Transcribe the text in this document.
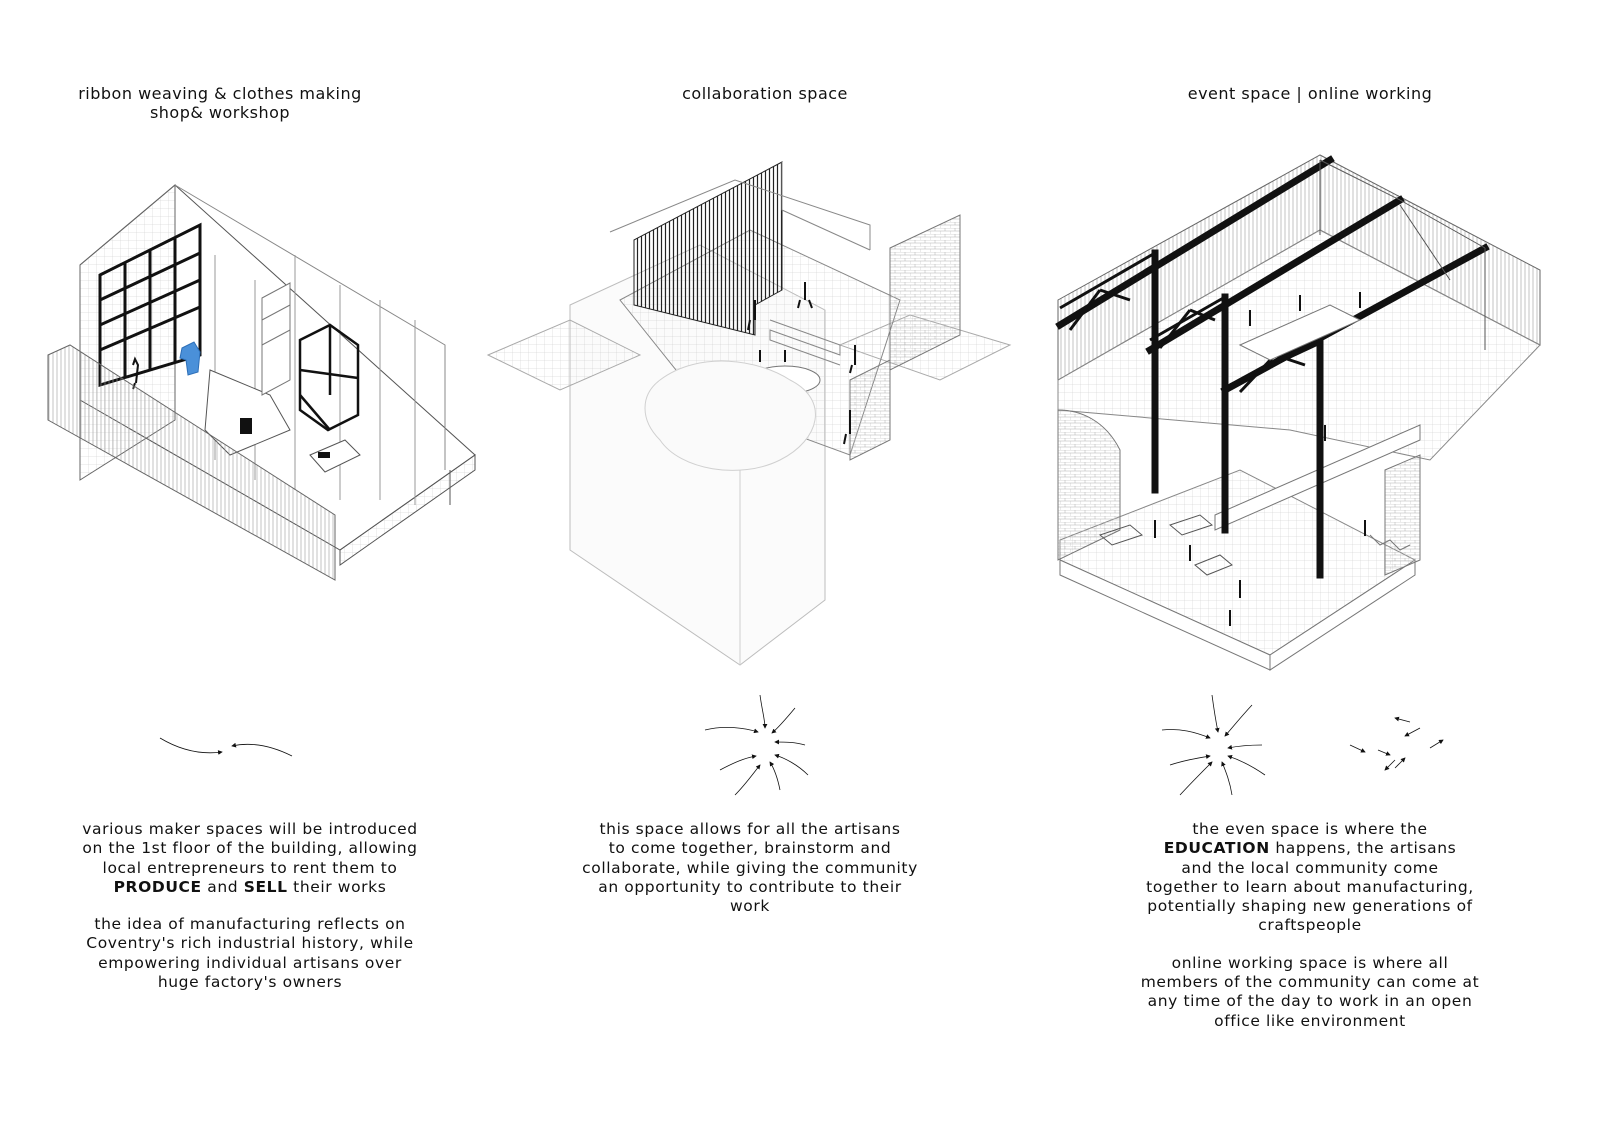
ribbon weaving & clothes making
shop& workshop
collaboration space	event space | online working
various maker spaces will be introduced
on the 1st floor of the building, allowing
local entrepreneurs to rent them to
PRODUCE and SELL their works
the idea of manufacturing reflects on
Coventry's rich industrial history, while
empowering individual artisans over
huge factory's owners
this space allows for all the artisans
to come together, brainstorm and
collaborate, while giving the community
an opportunity to contribute to their
work
the even space is where the
EDUCATION happens, the artisans
and the local community come
together to learn about manufacturing,
potentially shaping new generations of
craftspeople
online working space is where all
members of the community can come at
any time of the day to work in an open
office like environment
